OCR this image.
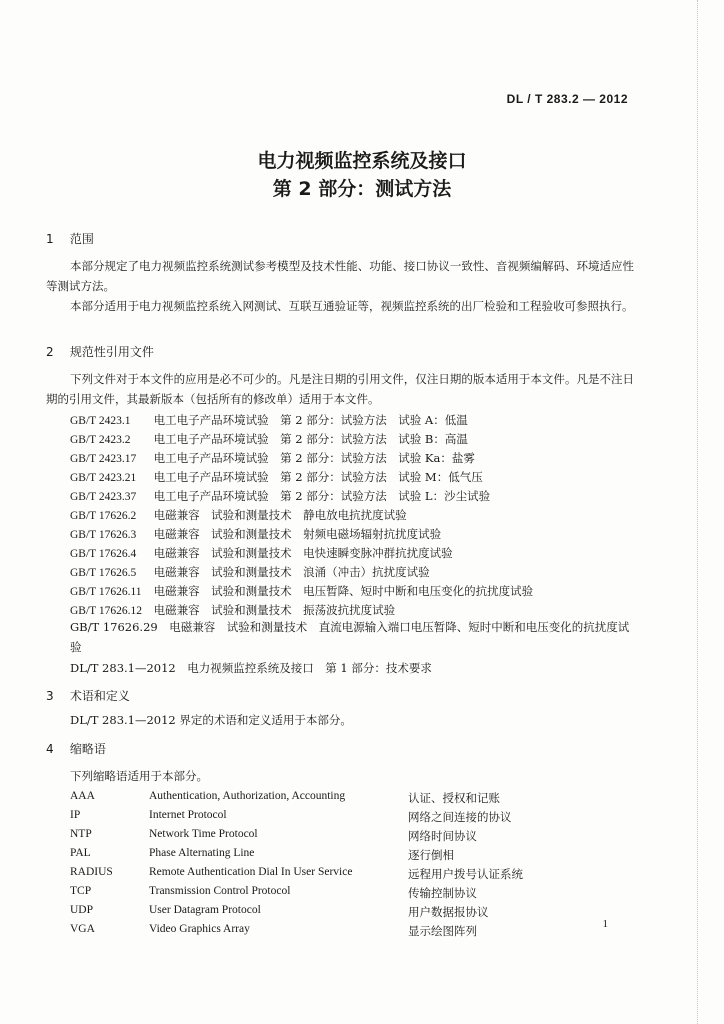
DL / T 283.2 — 2012
电力视频监控系统及接口
第 2 部分：测试方法
1 范围
本部分规定了电力视频监控系统测试参考模型及技术性能、功能、接口协议一致性、音视频编解码、环境适应性等测试方法。
本部分适用于电力视频监控系统入网测试、互联互通验证等，视频监控系统的出厂检验和工程验收可参照执行。
2 规范性引用文件
下列文件对于本文件的应用是必不可少的。凡是注日期的引用文件，仅注日期的版本适用于本文件。凡是不注日期的引用文件，其最新版本（包括所有的修改单）适用于本文件。
GB/T 2423.1 电工电子产品环境试验　第 2 部分：试验方法　试验 A：低温
GB/T 2423.2 电工电子产品环境试验　第 2 部分：试验方法　试验 B：高温
GB/T 2423.17 电工电子产品环境试验　第 2 部分：试验方法　试验 Ka：盐雾
GB/T 2423.21 电工电子产品环境试验　第 2 部分：试验方法　试验 M：低气压
GB/T 2423.37 电工电子产品环境试验　第 2 部分：试验方法　试验 L：沙尘试验
GB/T 17626.2 电磁兼容　试验和测量技术　静电放电抗扰度试验
GB/T 17626.3 电磁兼容　试验和测量技术　射频电磁场辐射抗扰度试验
GB/T 17626.4 电磁兼容　试验和测量技术　电快速瞬变脉冲群抗扰度试验
GB/T 17626.5 电磁兼容　试验和测量技术　浪涌（冲击）抗扰度试验
GB/T 17626.11 电磁兼容　试验和测量技术　电压暂降、短时中断和电压变化的抗扰度试验
GB/T 17626.12 电磁兼容　试验和测量技术　振荡波抗扰度试验
GB/T 17626.29　电磁兼容　试验和测量技术　直流电源输入端口电压暂降、短时中断和电压变化的抗扰度试验
DL/T 283.1—2012　电力视频监控系统及接口　第 1 部分：技术要求
3 术语和定义
DL/T 283.1—2012 界定的术语和定义适用于本部分。
4 缩略语
下列缩略语适用于本部分。
AAA	Authentication, Authorization, Accounting	认证、授权和记账
IP	Internet Protocol	网络之间连接的协议
NTP	Network Time Protocol	网络时间协议
PAL	Phase Alternating Line	逐行倒相
RADIUS	Remote Authentication Dial In User Service	远程用户拨号认证系统
TCP	Transmission Control Protocol	传输控制协议
UDP	User Datagram Protocol	用户数据报协议
VGA	Video Graphics Array	显示绘图阵列	1
